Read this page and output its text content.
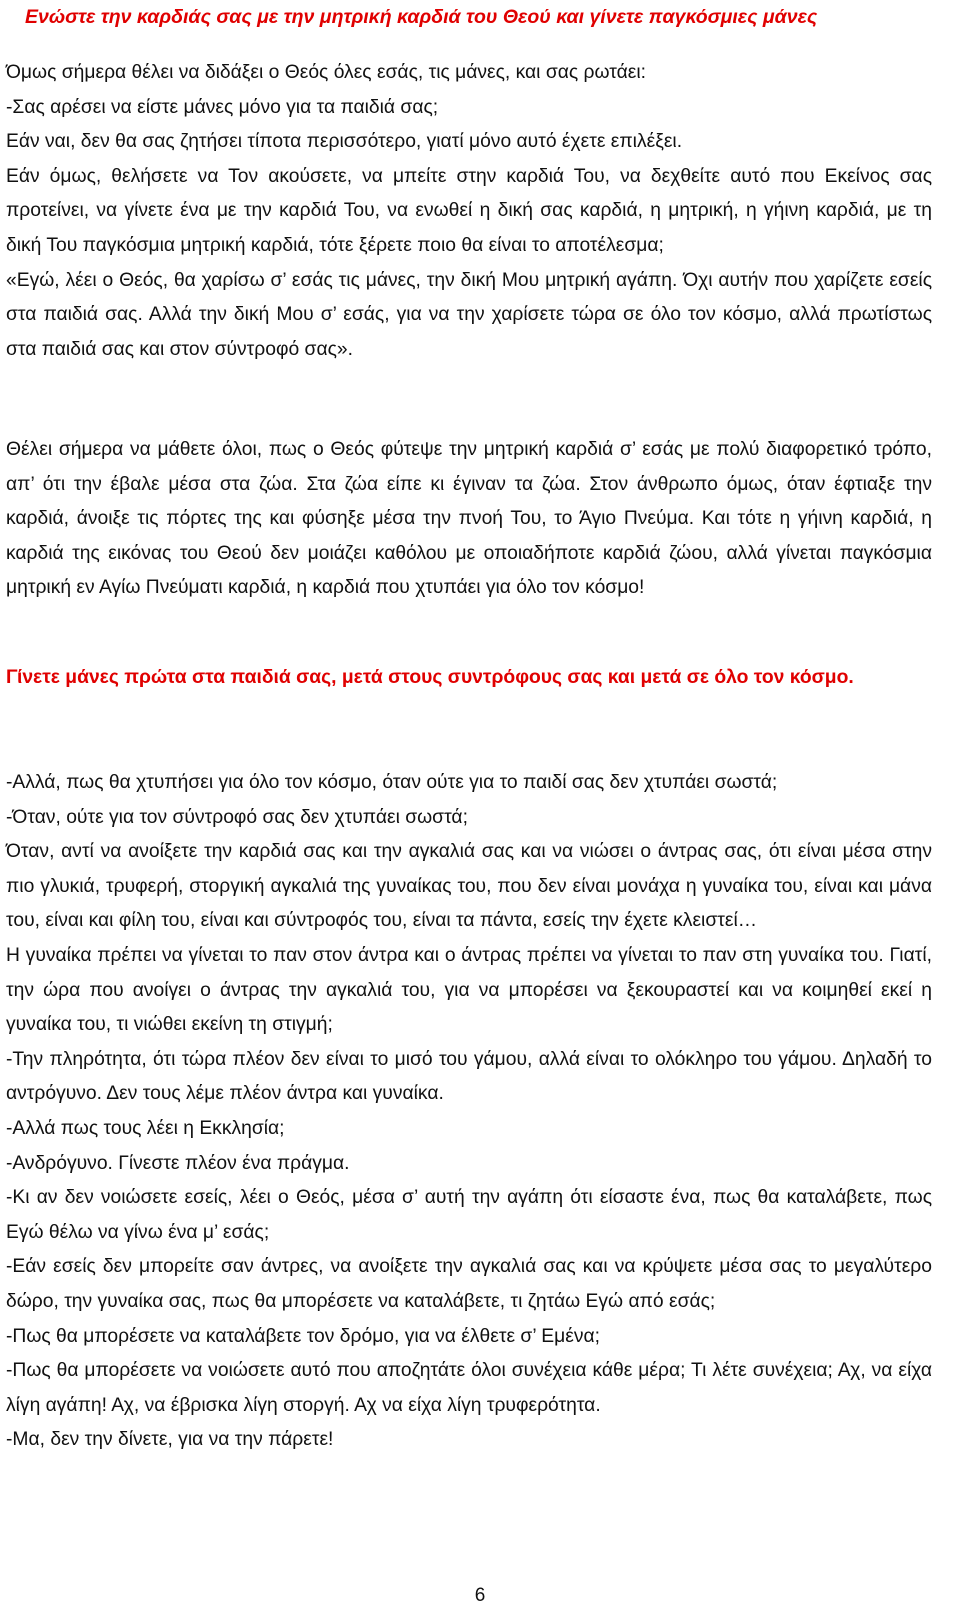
Ενώστε την καρδιάς σας με την μητρική καρδιά του Θεού και γίνετε παγκόσμιες μάνες

Όμως σήμερα θέλει να διδάξει ο Θεός όλες εσάς, τις μάνες, και σας ρωτάει:

-Σας αρέσει να είστε μάνες μόνο για τα παιδιά σας;

Εάν ναι, δεν θα σας ζητήσει τίποτα περισσότερο, γιατί μόνο αυτό έχετε επιλέξει.

Εάν όμως, θελήσετε να Τον ακούσετε, να μπείτε στην καρδιά Του, να δεχθείτε αυτό που Εκείνος σας προτείνει, να γίνετε ένα με την καρδιά Του, να ενωθεί η δική σας καρδιά, η μητρική, η γήινη καρδιά, με τη δική Του παγκόσμια μητρική καρδιά, τότε ξέρετε ποιο θα είναι το αποτέλεσμα;

«Εγώ, λέει ο Θεός, θα χαρίσω σ’ εσάς τις μάνες, την δική Μου μητρική αγάπη. Όχι αυτήν που χαρίζετε εσείς στα παιδιά σας. Αλλά την δική Μου σ’ εσάς, για να την χαρίσετε τώρα σε όλο τον κόσμο, αλλά πρωτίστως στα παιδιά σας και στον σύντροφό σας».

Θέλει σήμερα να μάθετε όλοι, πως ο Θεός φύτεψε την μητρική καρδιά σ’ εσάς με πολύ διαφορετικό τρόπο, απ’ ότι την έβαλε μέσα στα ζώα. Στα ζώα είπε κι έγιναν τα ζώα. Στον άνθρωπο όμως, όταν έφτιαξε την καρδιά, άνοιξε τις πόρτες της και φύσηξε μέσα την πνοή Του, το Άγιο Πνεύμα. Και τότε η γήινη καρδιά, η καρδιά της εικόνας του Θεού δεν μοιάζει καθόλου με οποιαδήποτε καρδιά ζώου, αλλά γίνεται παγκόσμια μητρική εν Αγίω Πνεύματι καρδιά, η καρδιά που χτυπάει για όλο τον κόσμο!

Γίνετε μάνες πρώτα στα παιδιά σας, μετά στους συντρόφους σας και μετά σε όλο τον κόσμο.

-Αλλά, πως θα χτυπήσει για όλο τον κόσμο, όταν ούτε για το παιδί σας δεν χτυπάει σωστά;

-Όταν, ούτε για τον σύντροφό σας δεν χτυπάει σωστά;

Όταν, αντί να ανοίξετε την καρδιά σας και την αγκαλιά σας και να νιώσει ο άντρας σας, ότι είναι μέσα στην πιο γλυκιά, τρυφερή, στοργική αγκαλιά της γυναίκας του, που δεν είναι μονάχα η γυναίκα του, είναι και μάνα του, είναι και φίλη του, είναι και σύντροφός του, είναι τα πάντα, εσείς την έχετε κλειστεί…

Η γυναίκα πρέπει να γίνεται το παν στον άντρα και ο άντρας πρέπει να γίνεται το παν στη γυναίκα του. Γιατί, την ώρα που ανοίγει ο άντρας την αγκαλιά του, για να μπορέσει να ξεκουραστεί και να κοιμηθεί εκεί η γυναίκα του, τι νιώθει εκείνη τη στιγμή;

-Την πληρότητα, ότι τώρα πλέον δεν είναι το μισό του γάμου, αλλά είναι το ολόκληρο του γάμου. Δηλαδή το αντρόγυνο. Δεν τους λέμε πλέον άντρα και γυναίκα.

-Αλλά πως τους λέει η Εκκλησία;

-Ανδρόγυνο. Γίνεστε πλέον ένα πράγμα.

-Κι αν δεν νοιώσετε εσείς, λέει ο Θεός, μέσα σ’ αυτή την αγάπη ότι είσαστε ένα, πως θα καταλάβετε, πως Εγώ θέλω να γίνω ένα μ’ εσάς;

-Εάν εσείς δεν μπορείτε σαν άντρες, να ανοίξετε την αγκαλιά σας και να κρύψετε μέσα σας το μεγαλύτερο δώρο, την γυναίκα σας, πως θα μπορέσετε να καταλάβετε, τι ζητάω Εγώ από εσάς;

-Πως θα μπορέσετε να καταλάβετε τον δρόμο, για να έλθετε σ’ Εμένα;

-Πως θα μπορέσετε να νοιώσετε αυτό που αποζητάτε όλοι συνέχεια κάθε μέρα; Τι λέτε συνέχεια; Αχ, να είχα λίγη αγάπη! Αχ, να έβρισκα λίγη στοργή. Αχ να είχα λίγη τρυφερότητα.

-Μα, δεν την δίνετε, για να την πάρετε!

6
